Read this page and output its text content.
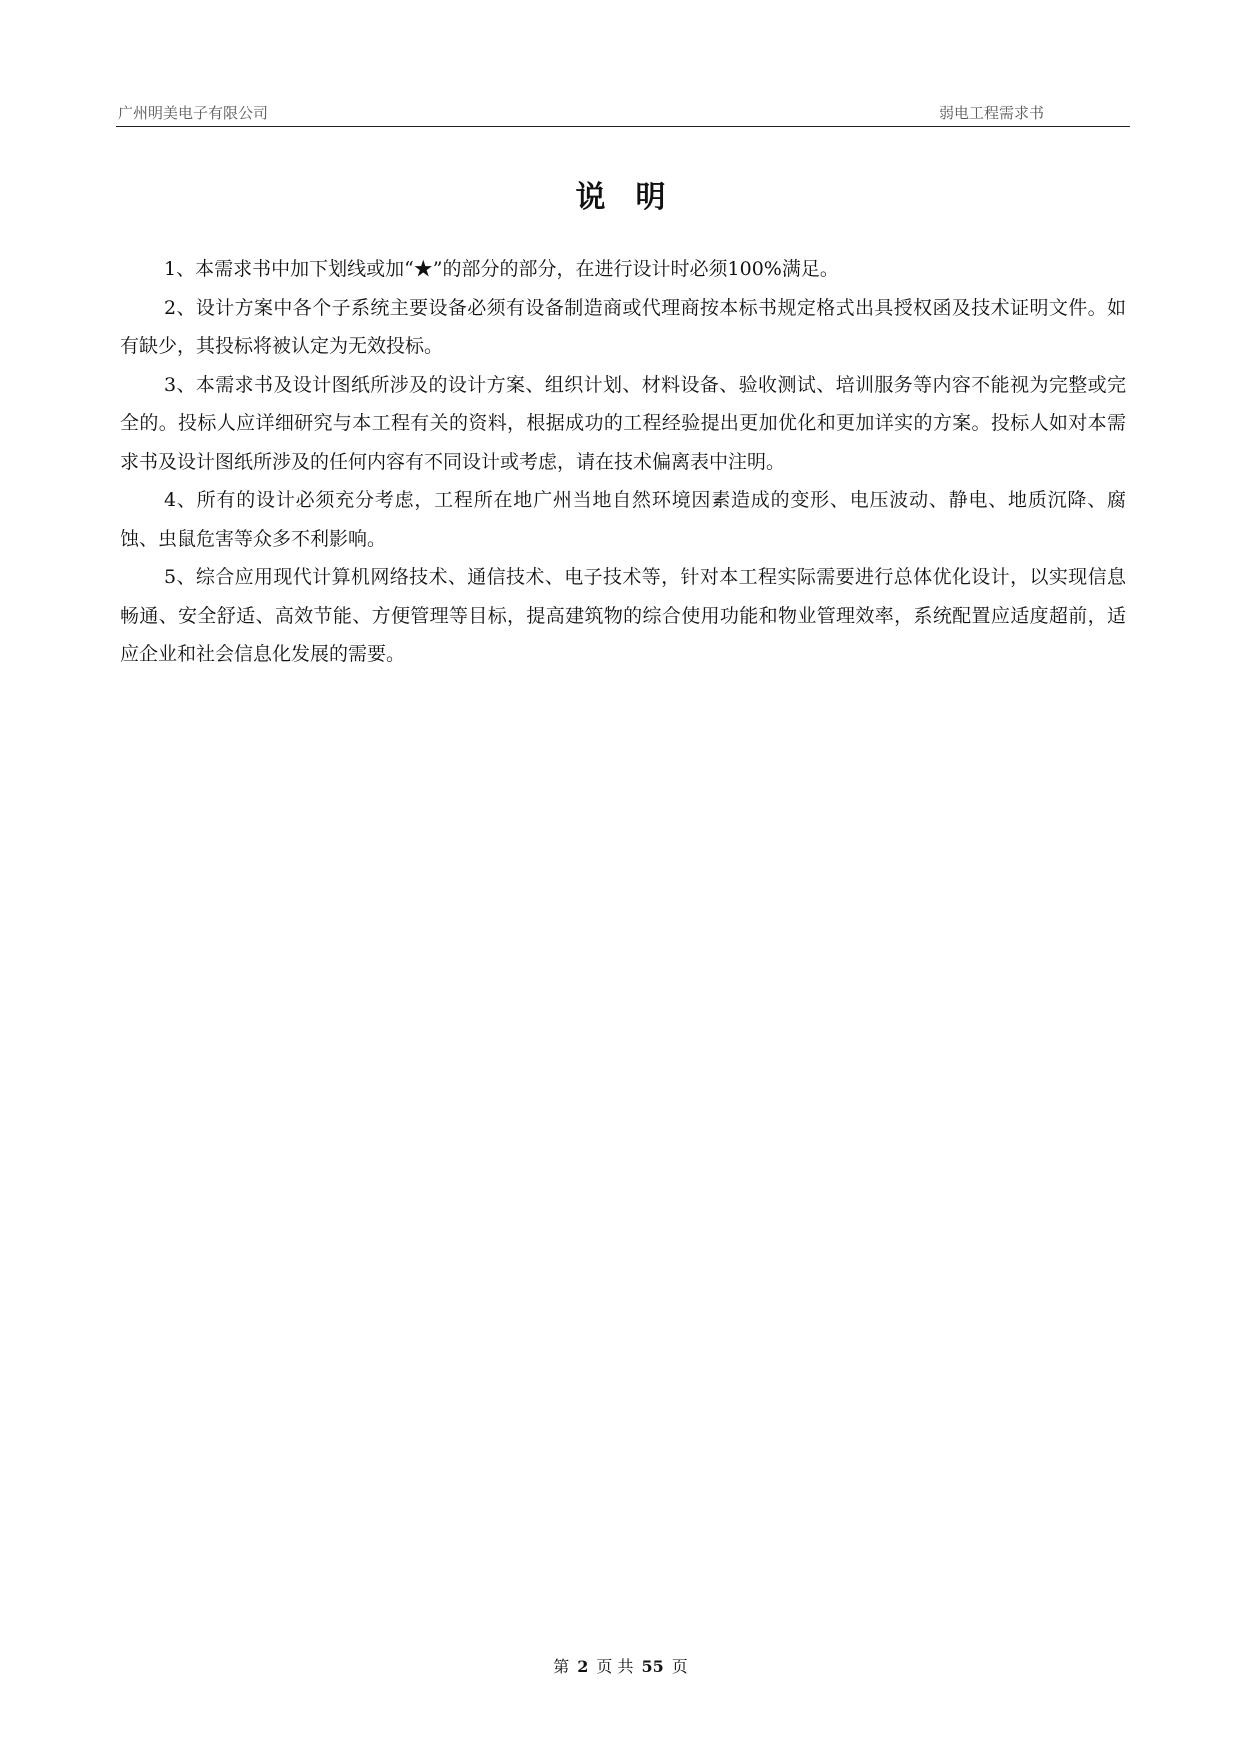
广州明美电子有限公司	弱电工程需求书
说明

1、本需求书中加下划线或加“★”的部分的部分，在进行设计时必须100%满足。

2、设计方案中各个子系统主要设备必须有设备制造商或代理商按本标书规定格式出具授权函及技术证明文件。如有缺少，其投标将被认定为无效投标。

3、本需求书及设计图纸所涉及的设计方案、组织计划、材料设备、验收测试、培训服务等内容不能视为完整或完全的。投标人应详细研究与本工程有关的资料，根据成功的工程经验提出更加优化和更加详实的方案。投标人如对本需求书及设计图纸所涉及的任何内容有不同设计或考虑，请在技术偏离表中注明。

4、所有的设计必须充分考虑，工程所在地广州当地自然环境因素造成的变形、电压波动、静电、地质沉降、腐蚀、虫鼠危害等众多不利影响。

5、综合应用现代计算机网络技术、通信技术、电子技术等，针对本工程实际需要进行总体优化设计，以实现信息畅通、安全舒适、高效节能、方便管理等目标，提高建筑物的综合使用功能和物业管理效率，系统配置应适度超前，适应企业和社会信息化发展的需要。

第 2 页 共 55 页
